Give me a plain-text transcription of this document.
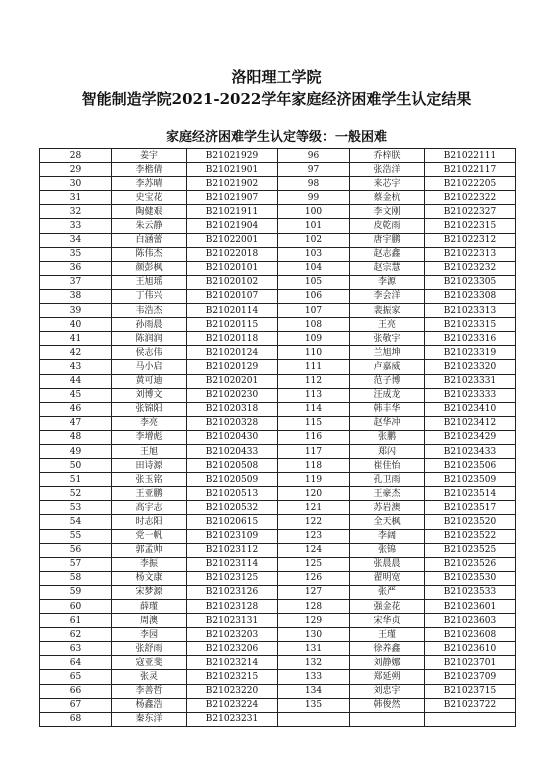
洛阳理工学院
智能制造学院2021-2022学年家庭经济困难学生认定结果
家庭经济困难学生认定等级：一般困难
28	姜宇	B21021929	96	乔梓朕	B21022111
29	李楷倩	B21021901	97	张浩洋	B21022117
30	李苏晴	B21021902	98	来芯宇	B21022205
31	史宝花	B21021907	99	蔡金杭	B21022322
32	陶健艰	B21021911	100	李文刚	B21022327
33	朱云静	B21021904	101	皮乾雨	B21022315
34	白涵蕾	B21022001	102	唐宇鹏	B21022312
35	陈伟杰	B21022018	103	赵志鑫	B21022313
36	颜彭枫	B21020101	104	赵宗慧	B21023232
37	王旭瑶	B21020102	105	李源	B21023305
38	丁伟兴	B21020107	106	李会洋	B21023308
39	韦浩杰	B21020114	107	裴振家	B21023313
40	孙雨晨	B21020115	108	王亮	B21023315
41	陈润润	B21020118	109	张敬宇	B21023316
42	侯志伟	B21020124	110	兰旭坤	B21023319
43	马小启	B21020129	111	卢嘉威	B21023320
44	黄可迪	B21020201	112	范子博	B21023331
45	刘博文	B21020230	113	汪成龙	B21023333
46	张锦阳	B21020318	114	韩丰华	B21023410
47	李亮	B21020328	115	赵华冲	B21023412
48	李增彪	B21020430	116	张鹏	B21023429
49	王旭	B21020433	117	郑闪	B21023433
50	田诗源	B21020508	118	崔佳怡	B21023506
51	张玉铭	B21020509	119	孔卫雨	B21023509
52	王亚鹏	B21020513	120	王豪杰	B21023514
53	高宇志	B21020532	121	苏岩澳	B21023517
54	时志阳	B21020615	122	全天枫	B21023520
55	党一帆	B21023109	123	李阔	B21023522
56	郭孟帅	B21023112	124	张锦	B21023525
57	李振	B21023114	125	张晨晨	B21023526
58	杨文康	B21023125	126	翟明宽	B21023530
59	宋梦源	B21023126	127	张严	B21023533
60	薛瑾	B21023128	128	强金花	B21023601
61	周澳	B21023131	129	宋华贞	B21023603
62	李园	B21023203	130	王瑾	B21023608
63	张舒雨	B21023206	131	徐养鑫	B21023610
64	寇亚斐	B21023214	132	刘静娜	B21023701
65	张灵	B21023215	133	郑延朔	B21023709
66	李善哲	B21023220	134	刘忠宇	B21023715
67	杨鑫浩	B21023224	135	韩俊然	B21023722
68	秦东洋	B21023231			
